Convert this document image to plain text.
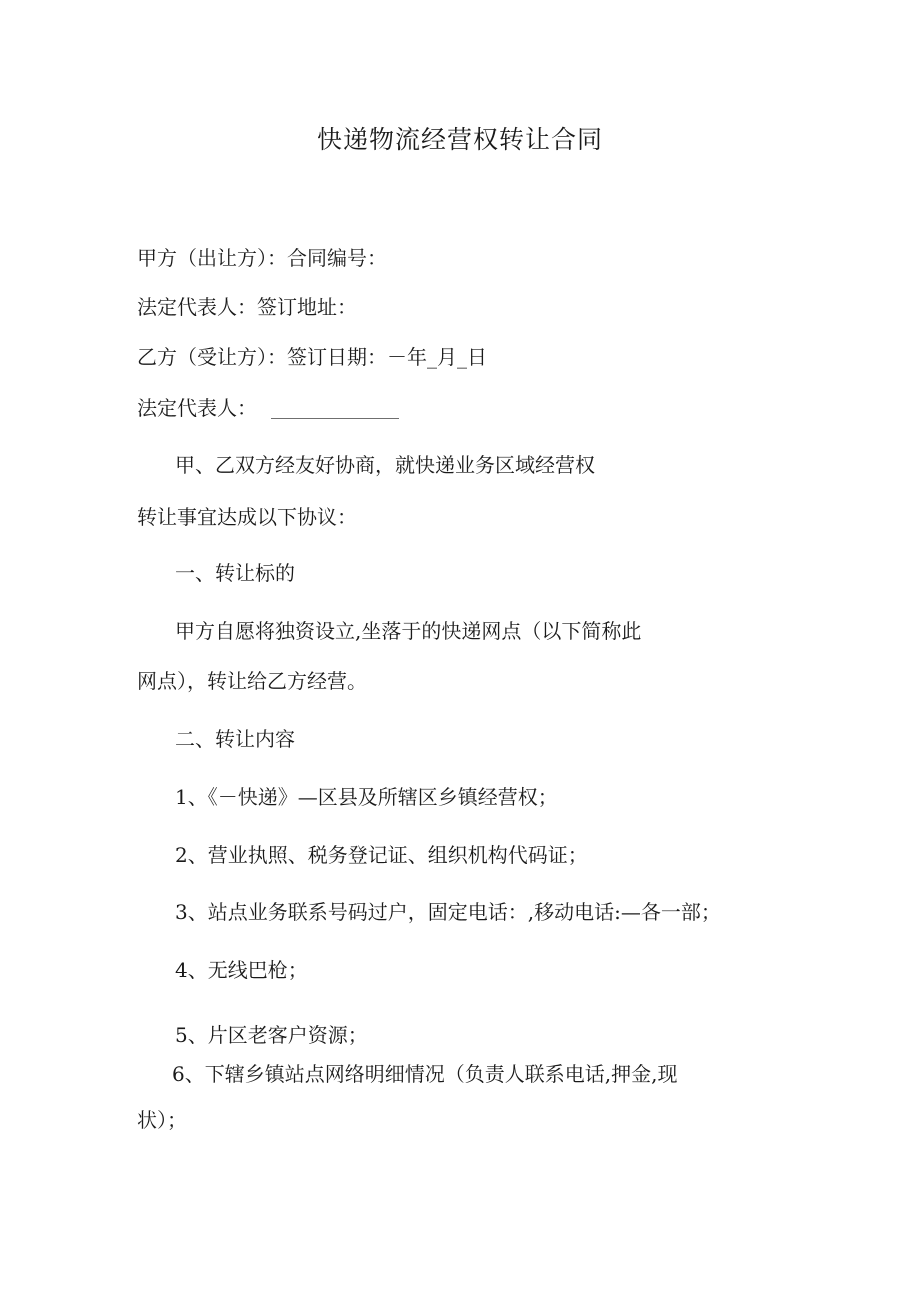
快递物流经营权转让合同
甲方（出让方）：合同编号：
法定代表人：签订地址：
乙方（受让方）：签订日期：－年_月_日
法定代表人：
甲、乙双方经友好协商，就快递业务区域经营权
转让事宜达成以下协议：
一、转让标的
甲方自愿将独资设立,坐落于的快递网点（以下简称此
网点），转让给乙方经营。
二、转让内容
1、《－快递》—区县及所辖区乡镇经营权；
2、营业执照、税务登记证、组织机构代码证；
3、站点业务联系号码过户，固定电话：,移动电话:—各一部；
4、无线巴枪；
5、片区老客户资源；
6、下辖乡镇站点网络明细情况（负责人联系电话,押金,现
状）；
